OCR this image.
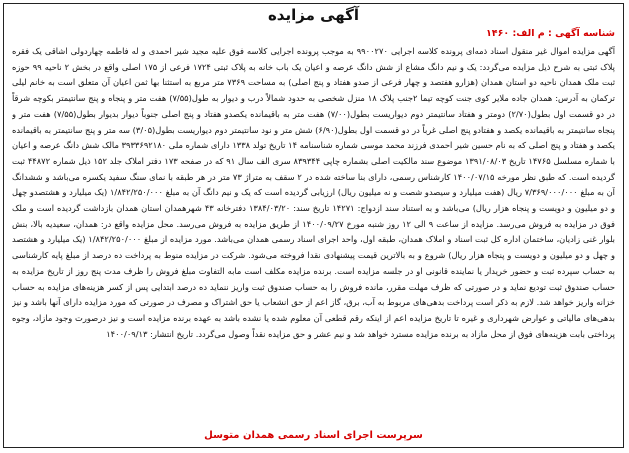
آگهی مزایده
شناسه آگهی : م الف: ۱۴۶۰

آگهی مزایده اموال غیر منقول اسناد ذمه‌ای پرونده کلاسه اجرایی ۹۹۰۰۲۷۰ به موجب پرونده اجرایی کلاسه فوق علیه مجید شیر احمدی و له فاطمه چهاردولی اشاقی یک فقره پلاک ثبتی به شرح ذیل مزایده می‌گردد: یک و نیم دانگ مشاع از شش دانگ عرصه و اعیان یک باب خانه به پلاک ثبتی ۱۷۲۴ فرعی از ۱۷۵ اصلی واقع در بخش ۲ ناحیه ۹۹ حوزه ثبت ملک همدان ناحیه دو استان همدان (هزارو هفتصد و چهار فرعی از صدو هفتاد و پنج اصلی) به مساحت ۷۳۶۹ متر مربع به استثنا بها ثمن اعیان آن متعلق است به خانم لیلی ترکمان به آدرس: همدان جاده ملایر کوی جنت کوچه تیما ۲جنب پلاک ۱۸ منزل شخصی به حدود شمالاً درب و دیوار به طول(۷/۵۵) هفت متر و پنجاه و پنج سانتیمتر بکوچه شرقاً در دو قسمت اول بطول(۲/۷۰) دومتر و هفتاد سانتیمتر دوم دیواریست بطول(۷/۰۰) هفت متر به باقیمانده یکصدو هفتاد و پنج اصلی جنوباً دیوار بدیوار بطول(۷/۵۵) هفت متر و پنجاه سانتیمتر به باقیمانده یکصد و هفتادو پنج اصلی غرباً در دو قسمت اول بطول(۶/۹۰) شش متر و نود سانتیمتر دوم دیواریست بطول(۳/۰۵) سه متر و پنج سانتیمتر به باقیمانده یکصد و هفتاد و پنج اصلی که به نام حسین شیر احمدی فرزند محمد موسی شماره شناسنامه ۱۴ تاریخ تولد ۱۳۳۸ دارای شماره ملی ۳۹۳۳۶۹۲۱۸۰ مالک شش دانگ عرصه و اعیان با شماره مسلسل ۱۴۷۶۵ تاریخ ۱۳۹۱/۰۸/۰۳ موضوع سند مالکیت اصلی بشماره چاپی ۸۳۹۳۴۴ سری الف سال ۹۱ که در صفحه ۱۷۳ دفتر املاک جلد ۱۵۲ ذیل شماره ۴۴۸۷۲ ثبت گردیده است. که طبق نظر مورخه ۱۴۰۰/۰۷/۱۵ کارشناس رسمی، دارای بنا ساخته شده در ۲ سقف به متراژ ۷۳ متر در هر طبقه با نمای سنگ سفید یکسره می‌باشد و ششدانگ آن به مبلغ ۷/۳۶۹/۰۰۰/۰۰۰ ریال (هفت میلیارد و سیصدو شصت و نه میلیون ریال) ارزیابی گردیده است که یک و نیم دانگ آن به مبلغ ۱/۸۴۲/۲۵۰/۰۰۰ (یک میلیارد و هشتصدو چهل و دو میلیون و دویست و پنجاه هزار ریال) می‌باشد و به استناد سند ازدواج: ۱۴۲۷۱ تاریخ سند: ۱۳۸۴/۰۳/۲۰ دفترخانه ۴۳ شهرهمدان استان همدان بازداشت گردیده است و ملک فوق در مزایده به فروش می‌رسد. مزایده از ساعت ۹ الی ۱۲ روز شنبه مورخ ۱۴۰۰/۰۹/۲۷ از طریق مزایده به فروش می‌رسد. محل مزایده واقع در: همدان، سعیدیه بالا، بنش بلوار غنی زادیان، ساختمان اداره کل ثبت اسناد و املاک همدان، طبقه اول، واحد اجرای اسناد رسمی همدان می‌باشد. مورد مزایده از مبلغ ۱/۸۴۲/۲۵۰/۰۰۰ (یک میلیارد و هشتصد و چهل و دو میلیون و دویست و پنجاه هزار ریال) شروع و به بالاترین قیمت پیشنهادی نقدا فروخته می‌شود. شرکت در مزایده منوط به پرداخت ده درصد از مبلغ پایه کارشناسی به حساب سپرده ثبت و حضور خریدار یا نماینده قانونی او در جلسه مزایده است. برنده مزایده مکلف است مابه التفاوت مبلغ فروش را ظرف مدت پنج روز از تاریخ مزایده به حساب صندوق ثبت تودیع نماید و در صورتی که ظرف مهلت مقرر، مانده فروش را به حساب صندوق ثبت واریز ننماید ده درصد ابتدایی پس از کسر هزینه‌های مزایده به حساب خزانه واریز خواهد شد. لازم به ذکر است پرداخت بدهی‌های مربوط به آب، برق، گاز اعم از حق انشعاب یا حق اشتراک و مصرف در صورتی که مورد مزایده دارای آنها باشد و نیز بدهی‌های مالیاتی و عوارض شهرداری و غیره تا تاریخ مزایده اعم از اینکه رقم قطعی آن معلوم شده یا نشده باشد به عهده برنده مزایده است و نیز درصورت وجود مازاد، وجوه پرداختی بابت هزینه‌های فوق از محل مازاد به برنده مزایده مسترد خواهد شد و نیم عشر و حق مزایده نقداً وصول می‌گردد. تاریخ انتشار: ۱۴۰۰/۰۹/۱۳

سرپرست اجرای اسناد رسمی همدان متوسل
